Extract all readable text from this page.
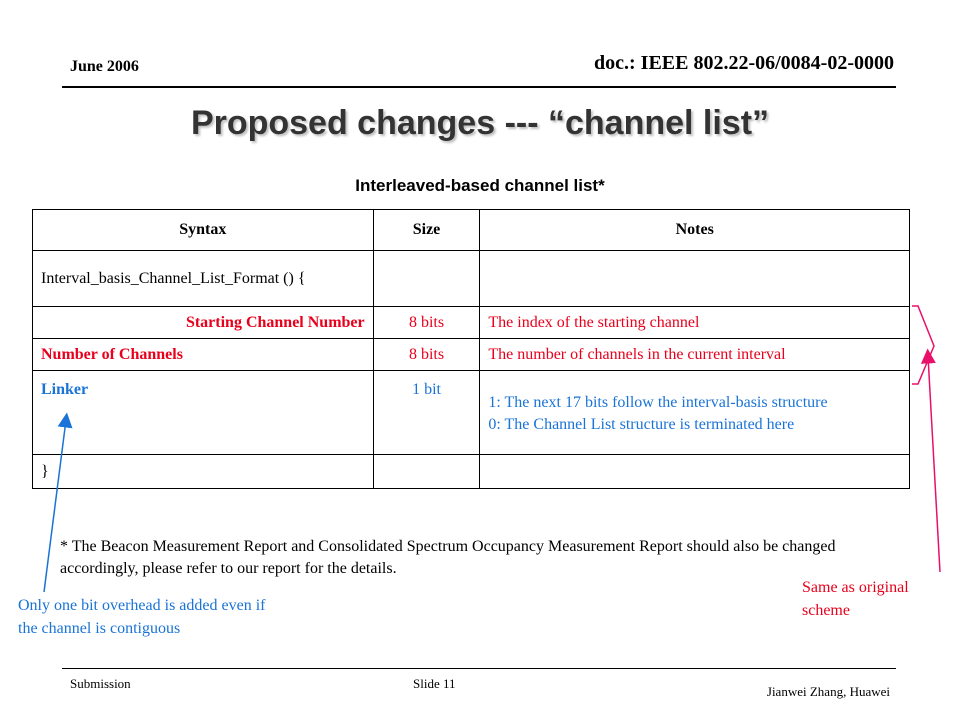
June 2006	doc.: IEEE 802.22-06/0084-02-0000
Proposed changes --- “channel list”
Interleaved-based channel list*
Syntax	Size	Notes
Interval_basis_Channel_List_Format () {		
Starting Channel Number	8 bits	The index of the starting channel
Number of Channels	8 bits	The number of channels in the current interval
Linker	1 bit	1: The next 17 bits follow the interval-basis structure
0: The Channel List structure is terminated here

}		
* The Beacon Measurement Report and Consolidated Spectrum Occupancy Measurement Report should also be changed accordingly, please refer to our report for the details.
Only one bit overhead is added even if the channel is contiguous
Same as original scheme
Submission	Slide 11
Jianwei Zhang, Huawei
